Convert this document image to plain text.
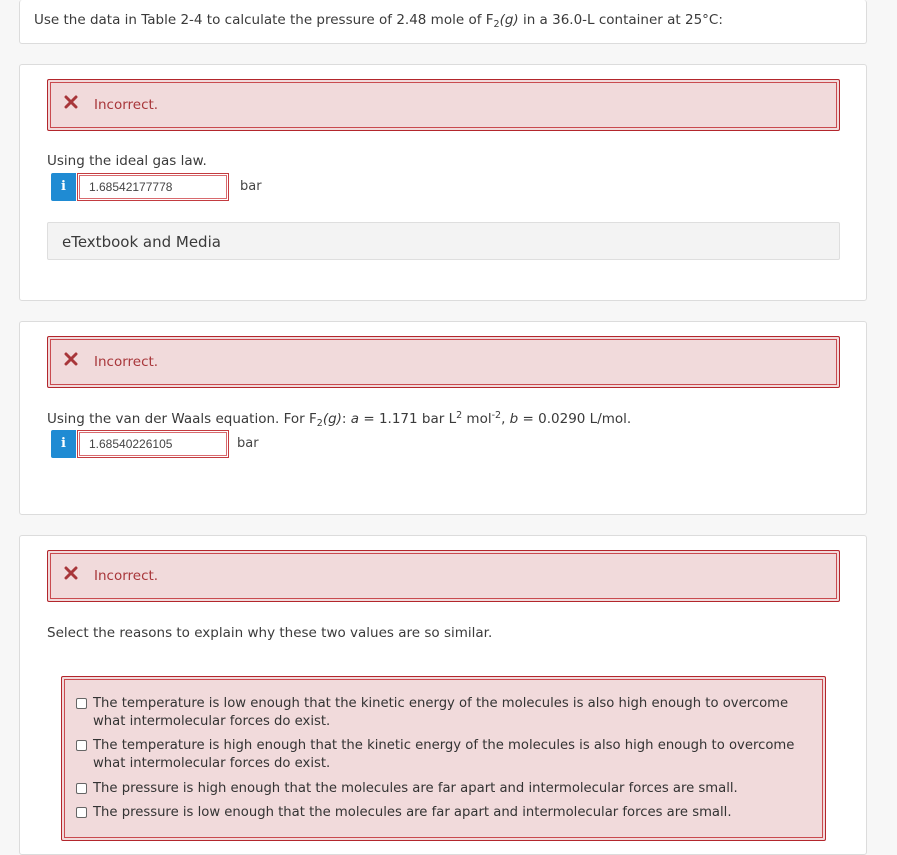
Use the data in Table 2-4 to calculate the pressure of 2.48 mole of $F_2(g)$ in a 36.0-L container at 25°C:
Incorrect.
Using the ideal gas law.
i
1.68542177778	bar
eTextbook and Media
Incorrect.
Using the van der Waals equation. For $F_2(g)$: a = 1.171 bar $L^2$ mol$^{-2}$, b = 0.0290 L/mol.
i
1.68540226105	bar
Incorrect.
Select the reasons to explain why these two values are so similar.
The temperature is low enough that the kinetic energy of the molecules is also high enough to overcome what intermolecular forces do exist.
The temperature is high enough that the kinetic energy of the molecules is also high enough to overcome what intermolecular forces do exist.
The pressure is high enough that the molecules are far apart and intermolecular forces are small.
The pressure is low enough that the molecules are far apart and intermolecular forces are small.
